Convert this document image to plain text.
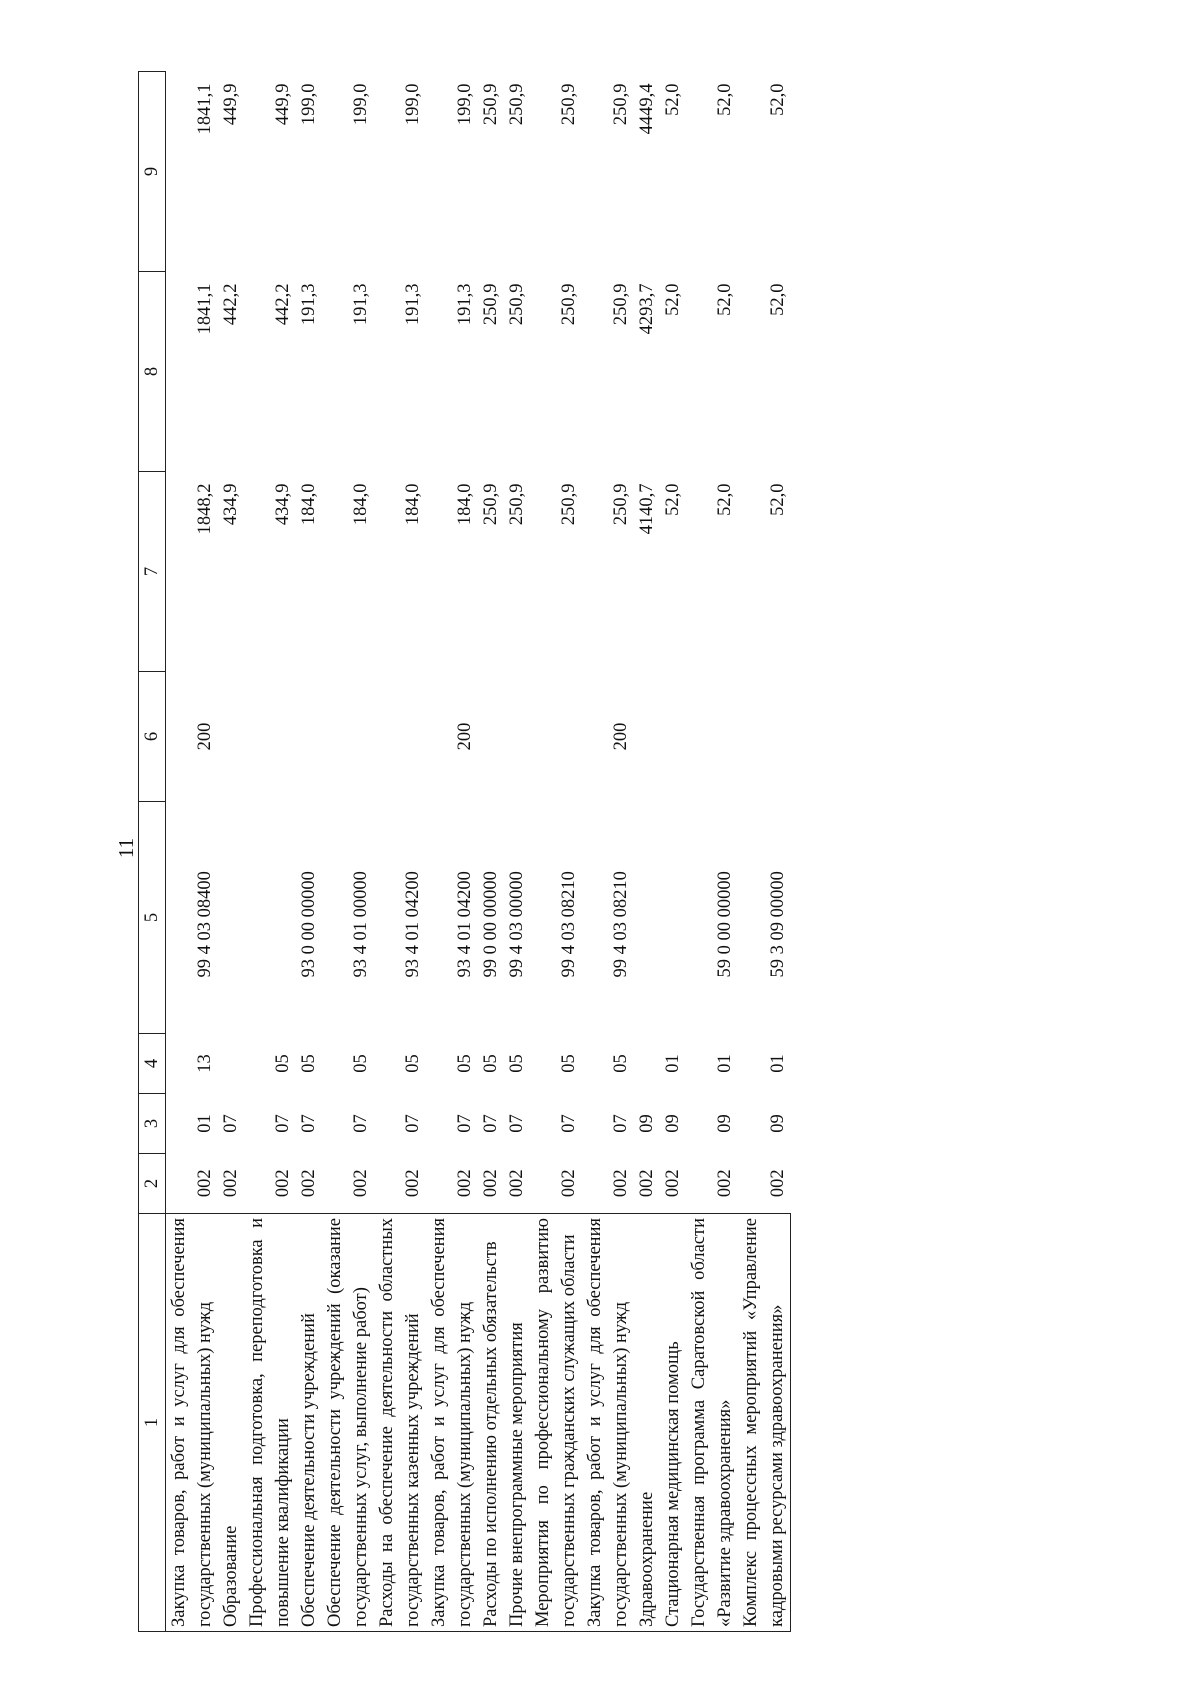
11
1	2	3	4	5	6	7	8	9
Закупка товаров, работ и услуг для обеспечения государственных (муниципальных) нужд	002	01	13	99 4 03 08400	200	1848,2	1841,1	1841,1
Образование	002	07				434,9	442,2	449,9
Профессиональная подготовка, переподготовка и повышение квалификации	002	07	05			434,9	442,2	449,9
Обеспечение деятельности учреждений	002	07	05	93 0 00 00000		184,0	191,3	199,0
Обеспечение деятельности учреждений (оказание государственных услуг, выполнение работ)	002	07	05	93 4 01 00000		184,0	191,3	199,0
Расходы на обеспечение деятельности областных государственных казенных учреждений	002	07	05	93 4 01 04200		184,0	191,3	199,0
Закупка товаров, работ и услуг для обеспечения государственных (муниципальных) нужд	002	07	05	93 4 01 04200	200	184,0	191,3	199,0
Расходы по исполнению отдельных обязательств	002	07	05	99 0 00 00000		250,9	250,9	250,9
Прочие внепрограммные мероприятия	002	07	05	99 4 03 00000		250,9	250,9	250,9
Мероприятия по профессиональному развитию государственных гражданских служащих области	002	07	05	99 4 03 08210		250,9	250,9	250,9
Закупка товаров, работ и услуг для обеспечения государственных (муниципальных) нужд	002	07	05	99 4 03 08210	200	250,9	250,9	250,9
Здравоохранение	002	09				4140,7	4293,7	4449,4
Стационарная медицинская помощь	002	09	01			52,0	52,0	52,0
Государственная программа Саратовской области «Развитие здравоохранения»	002	09	01	59 0 00 00000		52,0	52,0	52,0
Комплекс процессных мероприятий «Управление кадровыми ресурсами здравоохранения»	002	09	01	59 3 09 00000		52,0	52,0	52,0
